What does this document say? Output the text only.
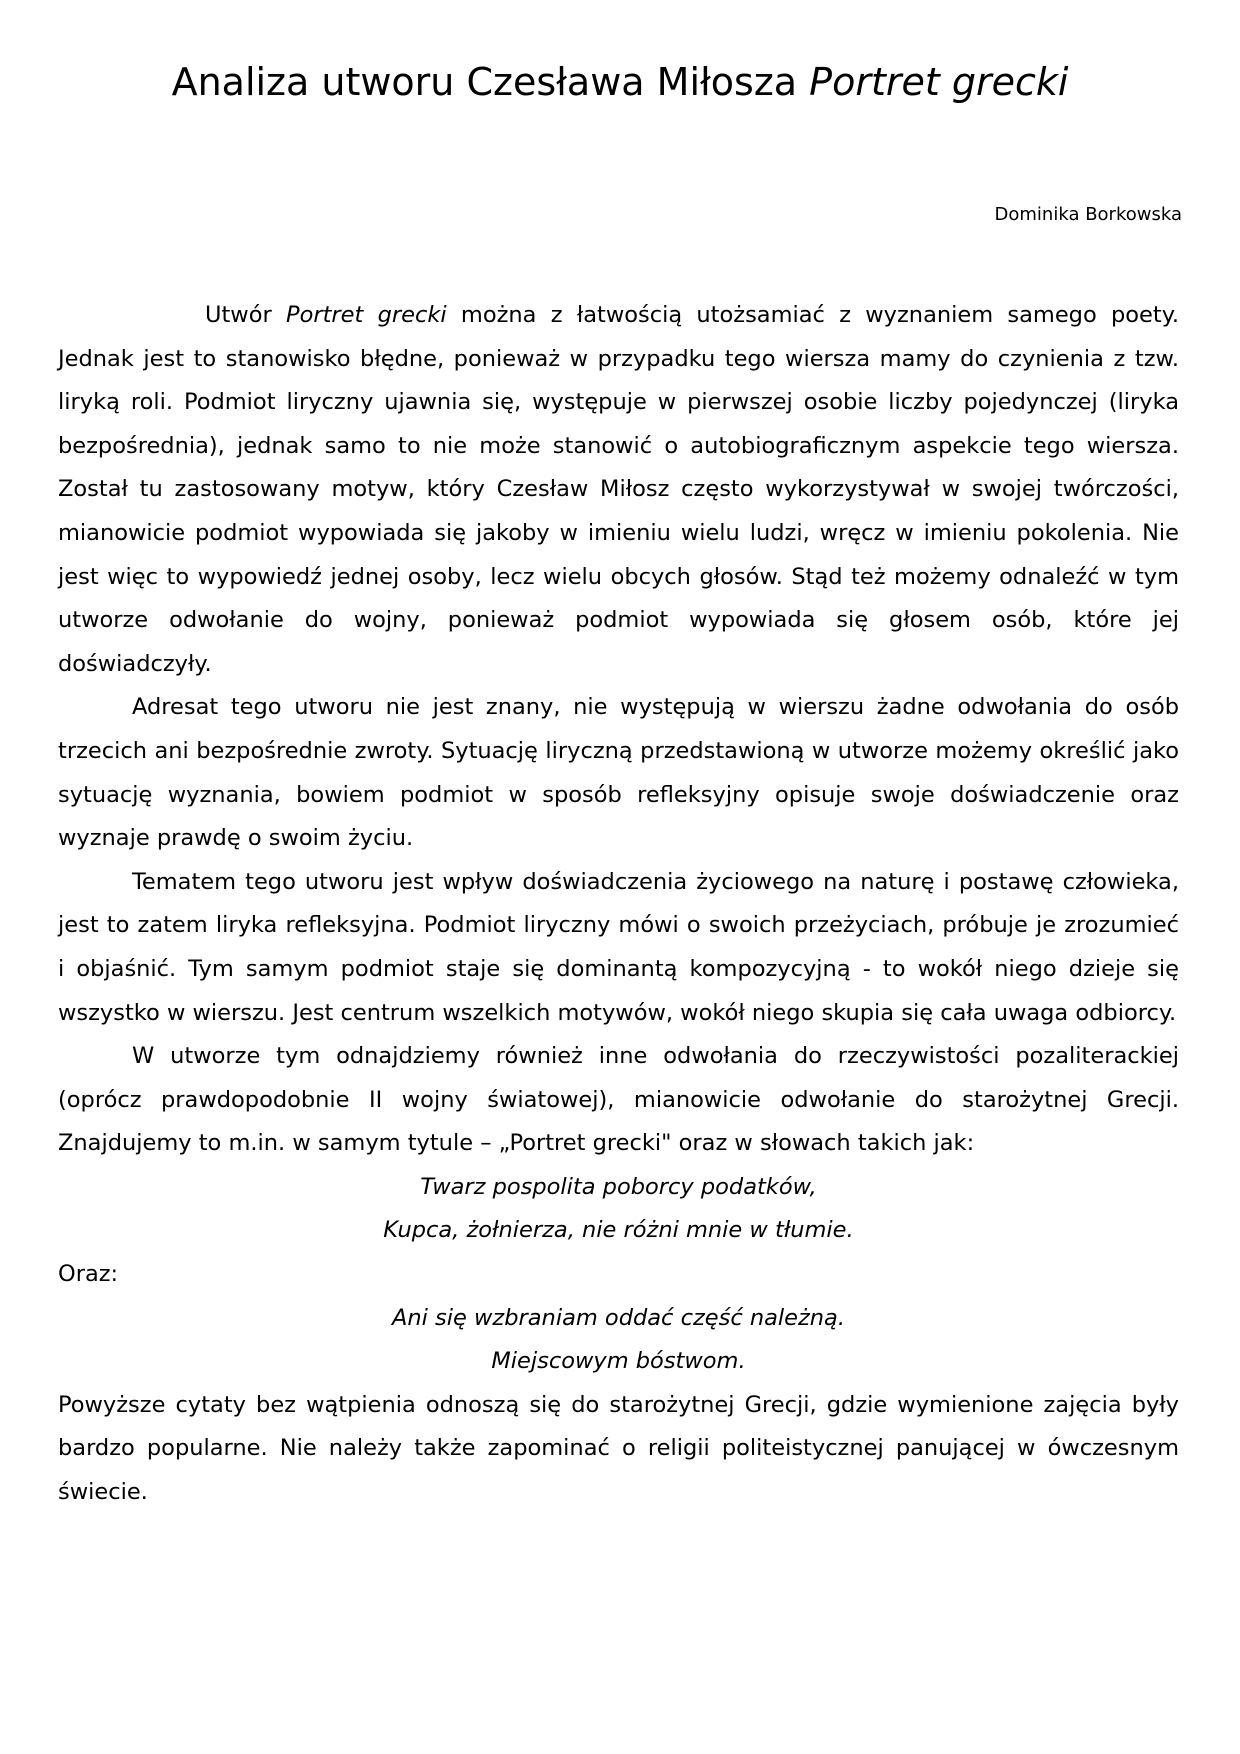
Analiza utworu Czesława Miłosza Portret grecki

Dominika Borkowska

Utwór Portret grecki można z łatwością utożsamiać z wyznaniem samego poety. Jednak jest to stanowisko błędne, ponieważ w przypadku tego wiersza mamy do czynienia z tzw. liryką roli. Podmiot liryczny ujawnia się, występuje w pierwszej osobie liczby pojedynczej (liryka bezpośrednia), jednak samo to nie może stanowić o autobiograficznym aspekcie tego wiersza. Został tu zastosowany motyw, który Czesław Miłosz często wykorzystywał w swojej twórczości, mianowicie podmiot wypowiada się jakoby w imieniu wielu ludzi, wręcz w imieniu pokolenia. Nie jest więc to wypowiedź jednej osoby, lecz wielu obcych głosów. Stąd też możemy odnaleźć w tym utworze odwołanie do wojny, ponieważ podmiot wypowiada się głosem osób, które jej doświadczyły.

Adresat tego utworu nie jest znany, nie występują w wierszu żadne odwołania do osób trzecich ani bezpośrednie zwroty. Sytuację liryczną przedstawioną w utworze możemy określić jako sytuację wyznania, bowiem podmiot w sposób refleksyjny opisuje swoje doświadczenie oraz wyznaje prawdę o swoim życiu.

Tematem tego utworu jest wpływ doświadczenia życiowego na naturę i postawę człowieka, jest to zatem liryka refleksyjna. Podmiot liryczny mówi o swoich przeżyciach, próbuje je zrozumieć i objaśnić. Tym samym podmiot staje się dominantą kompozycyjną - to wokół niego dzieje się wszystko w wierszu. Jest centrum wszelkich motywów, wokół niego skupia się cała uwaga odbiorcy.

W utworze tym odnajdziemy również inne odwołania do rzeczywistości pozaliterackiej (oprócz prawdopodobnie II wojny światowej), mianowicie odwołanie do starożytnej Grecji. Znajdujemy to m.in. w samym tytule – „Portret grecki" oraz w słowach takich jak:

Twarz pospolita poborcy podatków,

Kupca, żołnierza, nie różni mnie w tłumie.

Oraz:

Ani się wzbraniam oddać część należną.

Miejscowym bóstwom.

Powyższe cytaty bez wątpienia odnoszą się do starożytnej Grecji, gdzie wymienione zajęcia były bardzo popularne. Nie należy także zapominać o religii politeistycznej panującej w ówczesnym świecie.
